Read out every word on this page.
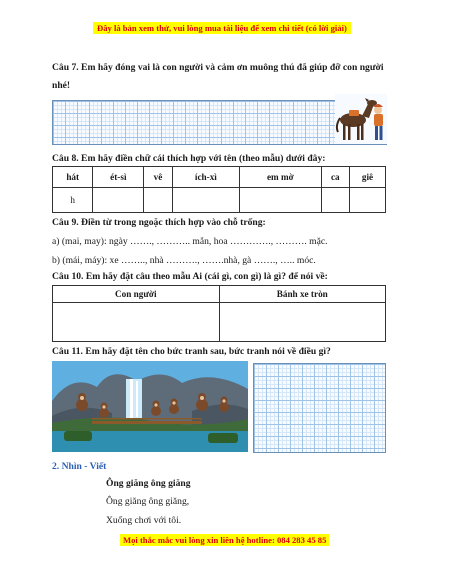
Đây là bản xem thử, vui lòng mua tài liệu để xem chi tiết (có lời giải)
Câu 7. Em hãy đóng vai là con người và cảm ơn muông thú đã giúp đỡ con người nhé!
Câu 8. Em hãy điền chữ cái thích hợp với tên (theo mẫu) dưới đây:
hát	ét-sì	vê	ích-xì	em mờ	ca	giê
h						
Câu 9. Điền từ trong ngoặc thích hợp vào chỗ trống:
a) (mai, may): ngày ……., ……….. mắn, hoa …………., ………. mặc.
b) (mái, máy): xe …….., nhà ………., …….nhà, gà ……., ….. móc.
Câu 10. Em hãy đặt câu theo mẫu Ai (cái gì, con gì) là gì? để nói về:
Con người	Bánh xe tròn

Câu 11. Em hãy đặt tên cho bức tranh sau, bức tranh nói về điều gì?
2. Nhìn - Viết
Ông giăng ông giăng
Ông giăng ông giăng,
Xuống chơi với tôi.
Mọi thắc mắc vui lòng xin liên hệ hotline: 084 283 45 85
